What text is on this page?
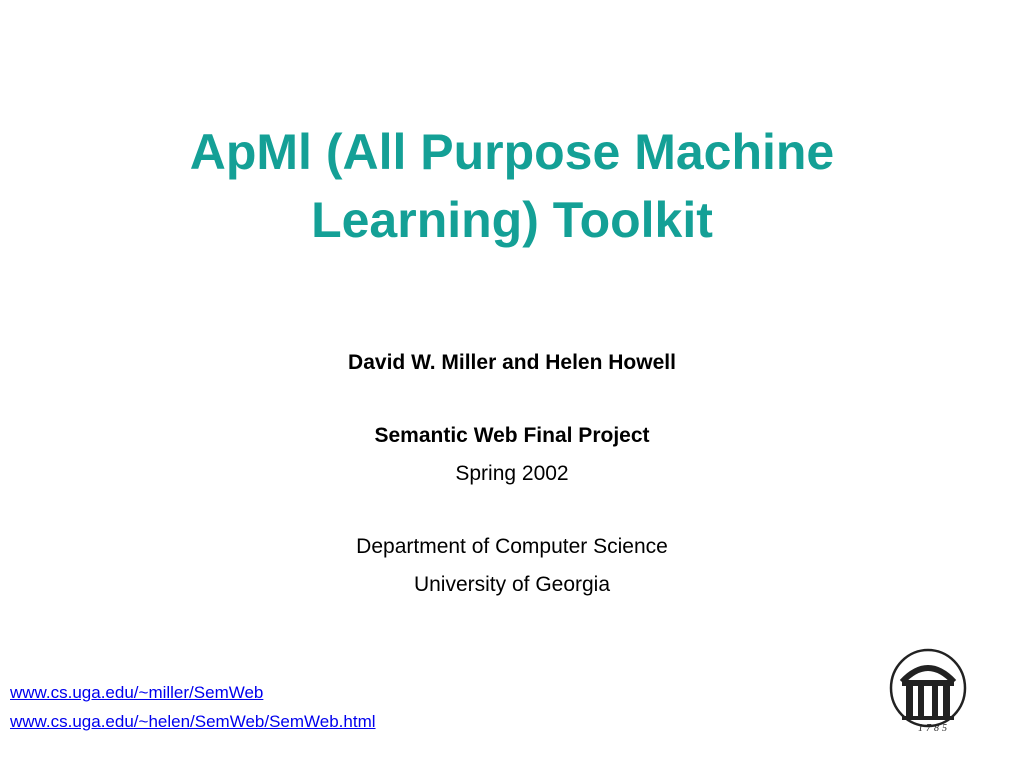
ApMl (All Purpose Machine
Learning) Toolkit
David W. Miller and Helen Howell
Semantic Web Final Project
Spring 2002
Department of Computer Science
University of Georgia
www.cs.uga.edu/~miller/SemWeb
www.cs.uga.edu/~helen/SemWeb/SemWeb.html	1785
